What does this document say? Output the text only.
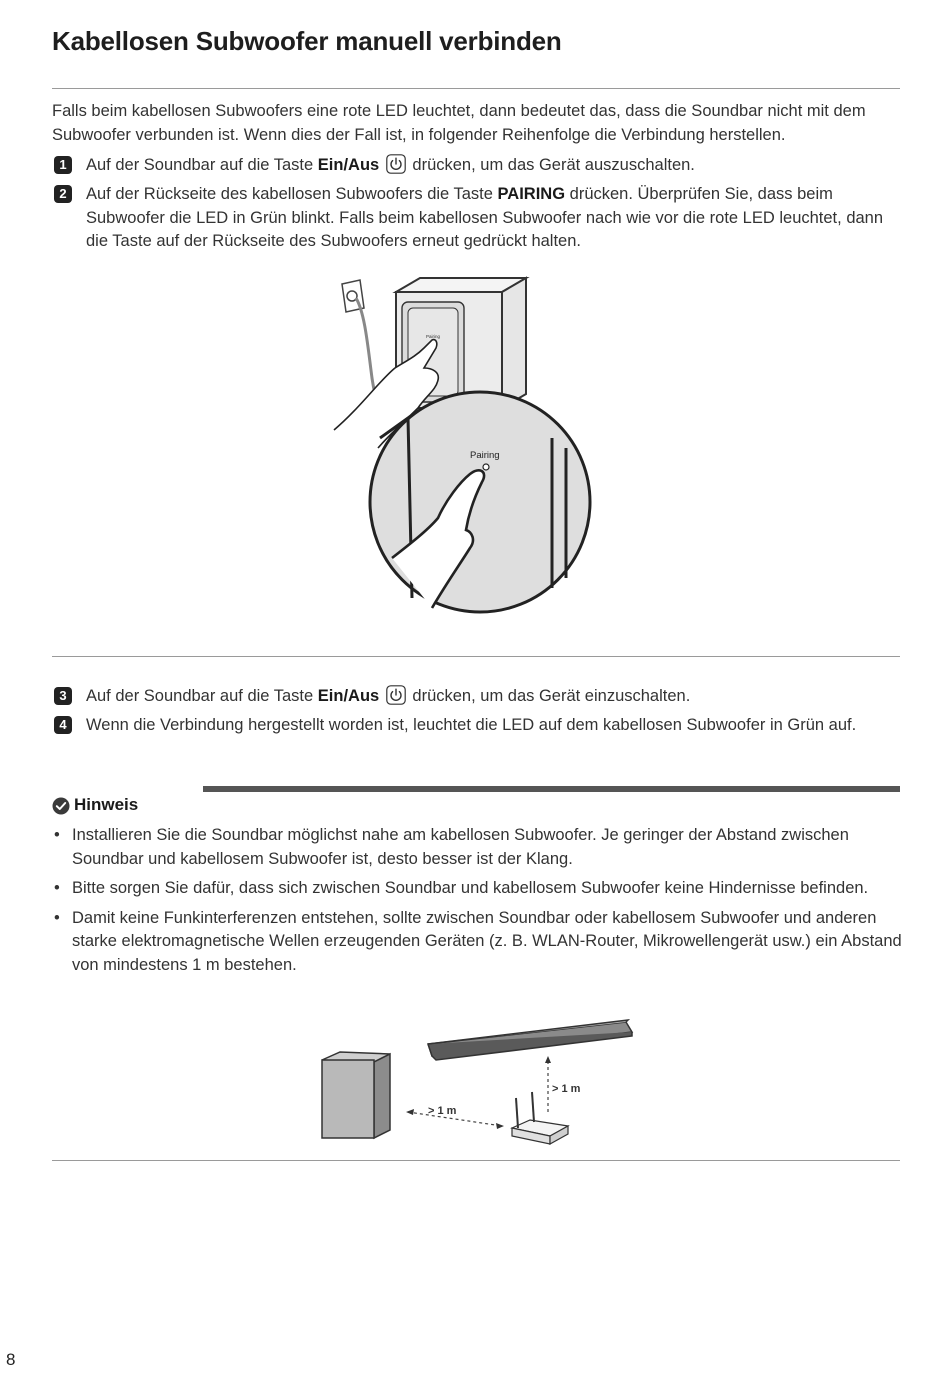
Kabellosen Subwoofer manuell verbinden

Falls beim kabellosen Subwoofers eine rote LED leuchtet, dann bedeutet das, dass die Soundbar nicht mit dem Subwoofer verbunden ist. Wenn dies der Fall ist, in folgender Reihenfolge die Verbindung herstellen.

1	Auf der Soundbar auf die Taste Ein/Aus  drücken, um das Gerät auszuschalten.
2	Auf der Rückseite des kabellosen Subwoofers die Taste PAIRING drücken. Überprüfen Sie, dass beim Subwoofer die LED in Grün blinkt. Falls beim kabellosen Subwoofer nach wie vor die rote LED leuchtet, dann die Taste auf der Rückseite des Subwoofers erneut gedrückt halten.
Pairing
Pairing
3	Auf der Soundbar auf die Taste Ein/Aus  drücken, um das Gerät einzuschalten.
4	Wenn die Verbindung hergestellt worden ist, leuchtet die LED auf dem kabellosen Subwoofer in Grün auf.
Hinweis
• Installieren Sie die Soundbar möglichst nahe am kabellosen Subwoofer. Je geringer der Abstand zwischen Soundbar und kabellosem Subwoofer ist, desto besser ist der Klang.
• Bitte sorgen Sie dafür, dass sich zwischen Soundbar und kabellosem Subwoofer keine Hindernisse befinden.
• Damit keine Funkinterferenzen entstehen, sollte zwischen Soundbar oder kabellosem Subwoofer und anderen starke elektromagnetische Wellen erzeugenden Geräten (z. B. WLAN-Router, Mikrowellengerät usw.) ein Abstand von mindestens 1 m bestehen.
> 1 m
> 1 m
8
